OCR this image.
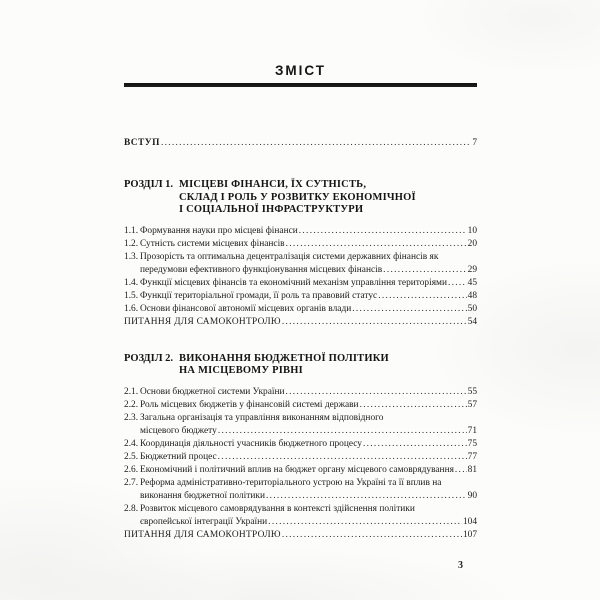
ЗМІСТ
ВСТУП .....	7
РОЗДІЛ 1. МІСЦЕВІ ФІНАНСИ, ЇХ СУТНІСТЬ,
СКЛАД І РОЛЬ У РОЗВИТКУ ЕКОНОМІЧНОЇ
І СОЦІАЛЬНОЇ ІНФРАСТРУКТУРИ
1.1. Формування науки про місцеві фінанси .....	10
1.2. Сутність системи місцевих фінансів .....	20
1.3. Прозорість та оптимальна децентралізація системи державних фінансів як
передумови ефективного функціонування місцевих фінансів .....	29
1.4. Функції місцевих фінансів та економічний механізм управління територіями ..... 45
1.5. Функції територіальної громади, її роль та правовий статус .....	48
1.6. Основи фінансової автономії місцевих органів влади .....	50
ПИТАННЯ ДЛЯ САМОКОНТРОЛЮ .....	54
РОЗДІЛ 2. ВИКОНАННЯ БЮДЖЕТНОЇ ПОЛІТИКИ
НА МІСЦЕВОМУ РІВНІ
2.1. Основи бюджетної системи України .....	55
2.2. Роль місцевих бюджетів у фінансовій системі держави .....	57
2.3. Загальна організація та управління виконанням відповідного
місцевого бюджету .....	71
2.4. Координація діяльності учасників бюджетного процесу .....	75
2.5. Бюджетний процес .....	77
2.6. Економічний і політичний вплив на бюджет органу місцевого самоврядування ..... 81
2.7. Реформа адміністративно-територіального устрою на Україні та її вплив на
виконання бюджетної політики .....	90
2.8. Розвиток місцевого самоврядування в контексті здійснення політики
європейської інтеграції України .....	104
ПИТАННЯ ДЛЯ САМОКОНТРОЛЮ .....	107
3
